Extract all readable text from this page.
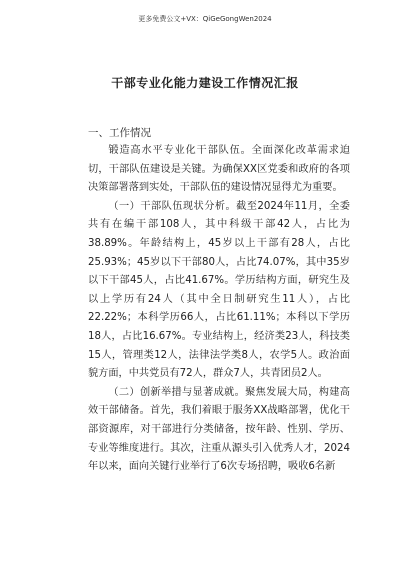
更多免费公文+VX：QiGeGongWen2024
干部专业化能力建设工作情况汇报
一、工作情况

锻造高水平专业化干部队伍。全面深化改革需求迫切，干部队伍建设是关键。为确保XX区党委和政府的各项决策部署落到实处，干部队伍的建设情况显得尤为重要。

（一）干部队伍现状分析。截至2024年11月，全委共有在编干部108人，其中科级干部42人，占比为38.89%。年龄结构上，45岁以上干部有28人，占比25.93%；45岁以下干部80人，占比74.07%，其中35岁以下干部45人，占比41.67%。学历结构方面，研究生及以上学历有24人（其中全日制研究生11人），占比22.22%；本科学历66人，占比61.11%；本科以下学历18人，占比16.67%。专业结构上，经济类23人，科技类15人，管理类12人，法律法学类8人，农学5人。政治面貌方面，中共党员有72人，群众7人，共青团员2人。

（二）创新举措与显著成就。聚焦发展大局，构建高效干部储备。首先，我们着眼于服务XX战略部署，优化干部资源库，对干部进行分类储备，按年龄、性别、学历、专业等维度进行。其次，注重从源头引入优秀人才，2024年以来，面向关键行业举行了6次专场招聘，吸收6名新
